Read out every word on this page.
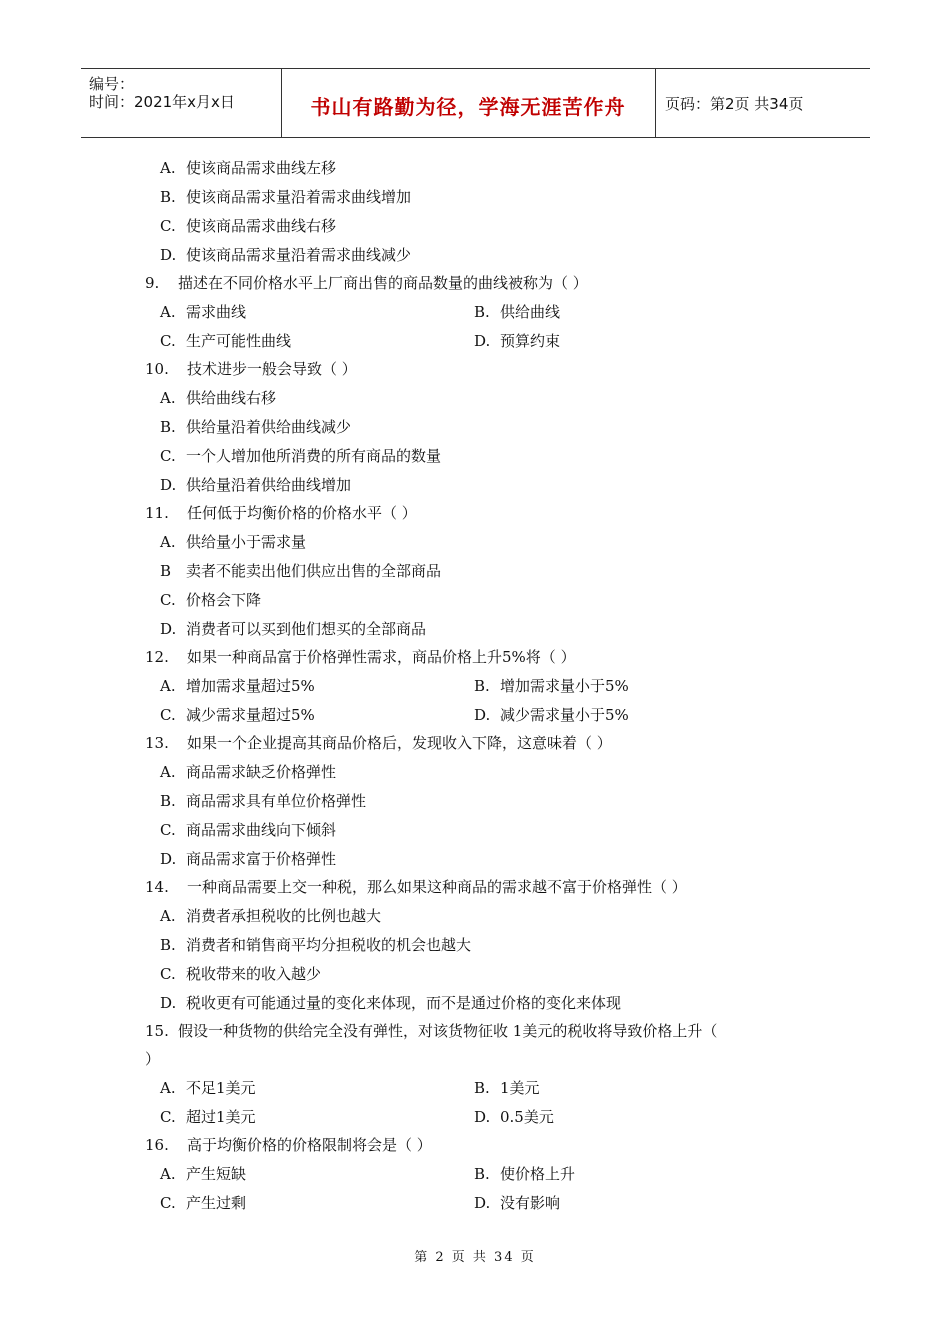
编号：
时间：2021年x月x日	书山有路勤为径，学海无涯苦作舟	页码：第2页 共34页
A. 使该商品需求曲线左移
B. 使该商品需求量沿着需求曲线增加
C. 使该商品需求曲线右移
D. 使该商品需求量沿着需求曲线减少
9. 描述在不同价格水平上厂商出售的商品数量的曲线被称为（ ）
A. 需求曲线	B. 供给曲线
C. 生产可能性曲线	D. 预算约束
10. 技术进步一般会导致（ ）
A. 供给曲线右移
B. 供给量沿着供给曲线减少
C. 一个人增加他所消费的所有商品的数量
D. 供给量沿着供给曲线增加
11. 任何低于均衡价格的价格水平（ ）
A. 供给量小于需求量
B 卖者不能卖出他们供应出售的全部商品
C. 价格会下降
D. 消费者可以买到他们想买的全部商品
12. 如果一种商品富于价格弹性需求，商品价格上升5%将（ ）
A. 增加需求量超过5%	B. 增加需求量小于5%
C. 减少需求量超过5%	D. 减少需求量小于5%
13. 如果一个企业提高其商品价格后，发现收入下降，这意味着（ ）
A. 商品需求缺乏价格弹性
B. 商品需求具有单位价格弹性
C. 商品需求曲线向下倾斜
D. 商品需求富于价格弹性
14. 一种商品需要上交一种税，那么如果这种商品的需求越不富于价格弹性（ ）
A. 消费者承担税收的比例也越大
B. 消费者和销售商平均分担税收的机会也越大
C. 税收带来的收入越少
D. 税收更有可能通过量的变化来体现，而不是通过价格的变化来体现
15. 假设一种货物的供给完全没有弹性，对该货物征收 1美元的税收将导致价格上升（
）
A. 不足1美元	B. 1美元
C. 超过1美元	D. 0.5美元
16. 高于均衡价格的价格限制将会是（ ）
A. 产生短缺	B. 使价格上升
C. 产生过剩	D. 没有影响
第 2 页 共 34 页
